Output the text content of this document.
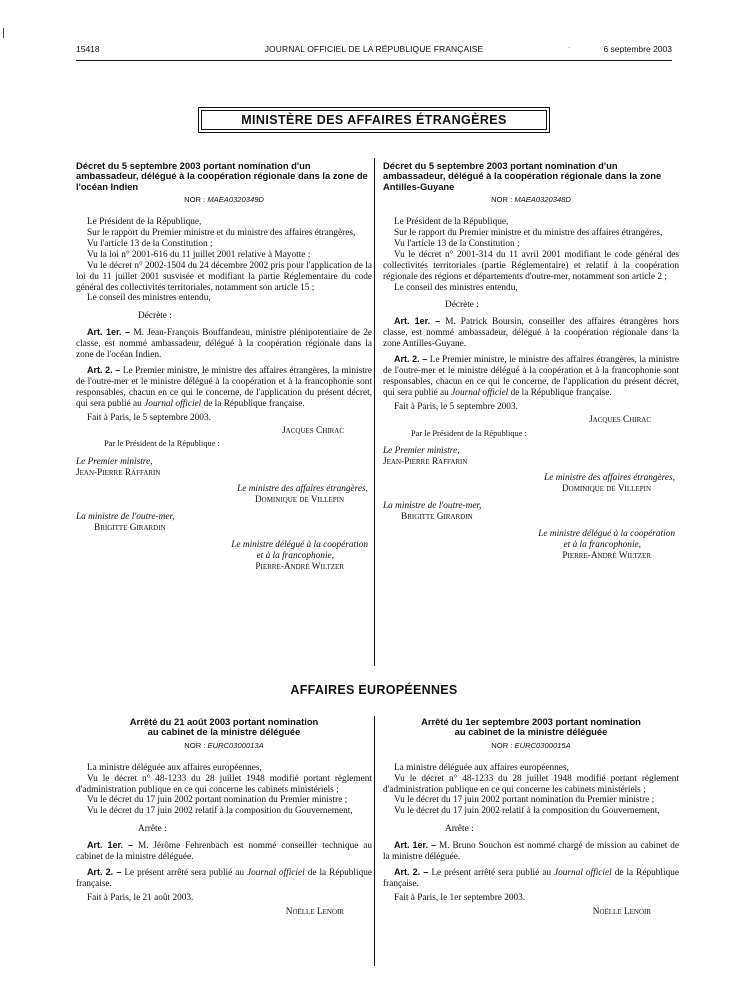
15418	JOURNAL OFFICIEL DE LA RÉPUBLIQUE FRANÇAISE	-	6 septembre 2003
MINISTÈRE DES AFFAIRES ÉTRANGÈRES

Décret du 5 septembre 2003 portant nomination d'un ambassadeur, délégué à la coopération régionale dans la zone de l'océan Indien

NOR : MAEA0320349D

Le Président de la République,

Sur le rapport du Premier ministre et du ministre des affaires étrangères,

Vu l'article 13 de la Constitution ;

Vu la loi n° 2001-616 du 11 juillet 2001 relative à Mayotte ;

Vu le décret n° 2002-1504 du 24 décembre 2002 pris pour l'application de la loi du 11 juillet 2001 susvisée et modifiant la partie Réglementaire du code général des collectivités territoriales, notamment son article 15 ;

Le conseil des ministres entendu,

Décrète :

Art. 1er. – M. Jean-François Bouffandeau, ministre plénipotentiaire de 2e classe, est nommé ambassadeur, délégué à la coopération régionale dans la zone de l'océan Indien.

Art. 2. – Le Premier ministre, le ministre des affaires étrangères, la ministre de l'outre-mer et le ministre délégué à la coopération et à la francophonie sont responsables, chacun en ce qui le concerne, de l'application du présent décret, qui sera publié au Journal officiel de la République française.

Fait à Paris, le 5 septembre 2003.

Jacques Chirac

Par le Président de la République :

Le Premier ministre,

Jean-Pierre Raffarin

Le ministre des affaires étrangères,

Dominique de Villepin

La ministre de l'outre-mer,

Brigitte Girardin

Le ministre délégué à la coopération

et à la francophonie,

Pierre-André Wiltzer

Décret du 5 septembre 2003 portant nomination d'un ambassadeur, délégué à la coopération régionale dans la zone Antilles-Guyane

NOR : MAEA0320348D

Le Président de la République,

Sur le rapport du Premier ministre et du ministre des affaires étrangères,

Vu l'article 13 de la Constitution ;

Vu le décret n° 2001-314 du 11 avril 2001 modifiant le code général des collectivités territoriales (partie Réglementaire) et relatif à la coopération régionale des régions et départements d'outre-mer, notamment son article 2 ;

Le conseil des ministres entendu,

Décrète :

Art. 1er. – M. Patrick Boursin, conseiller des affaires étrangères hors classe, est nommé ambassadeur, délégué à la coopération régionale dans la zone Antilles-Guyane.

Art. 2. – Le Premier ministre, le ministre des affaires étrangères, la ministre de l'outre-mer et le ministre délégué à la coopération et à la francophonie sont responsables, chacun en ce qui le concerne, de l'application du présent décret, qui sera publié au Journal officiel de la République française.

Fait à Paris, le 5 septembre 2003.

Jacques Chirac

Par le Président de la République :

Le Premier ministre,

Jean-Pierre Raffarin

Le ministre des affaires étrangères,

Dominique de Villepin

La ministre de l'outre-mer,

Brigitte Girardin

Le ministre délégué à la coopération

et à la francophonie,

Pierre-André Wiltzer

AFFAIRES EUROPÉENNES

Arrêté du 21 août 2003 portant nomination

au cabinet de la ministre déléguée

NOR : EURC0300013A

La ministre déléguée aux affaires européennes,

Vu le décret n° 48-1233 du 28 juillet 1948 modifié portant règlement d'administration publique en ce qui concerne les cabinets ministériels ;

Vu le décret du 17 juin 2002 portant nomination du Premier ministre ;

Vu le décret du 17 juin 2002 relatif à la composition du Gouvernement,

Arrête :

Art. 1er. – M. Jérôme Fehrenbach est nommé conseiller technique au cabinet de la ministre déléguée.

Art. 2. – Le présent arrêté sera publié au Journal officiel de la République française.

Fait à Paris, le 21 août 2003.

Noëlle Lenoir

Arrêté du 1er septembre 2003 portant nomination

au cabinet de la ministre déléguée

NOR : EURC0300015A

La ministre déléguée aux affaires européennes,

Vu le décret n° 48-1233 du 28 juillet 1948 modifié portant règlement d'administration publique en ce qui concerne les cabinets ministériels ;

Vu le décret du 17 juin 2002 portant nomination du Premier ministre ;

Vu le décret du 17 juin 2002 relatif à la composition du Gouvernement,

Arrête :

Art. 1er. – M. Bruno Souchon est nommé chargé de mission au cabinet de la ministre déléguée.

Art. 2. – Le présent arrêté sera publié au Journal officiel de la République française.

Fait à Paris, le 1er septembre 2003.

Noëlle Lenoir
